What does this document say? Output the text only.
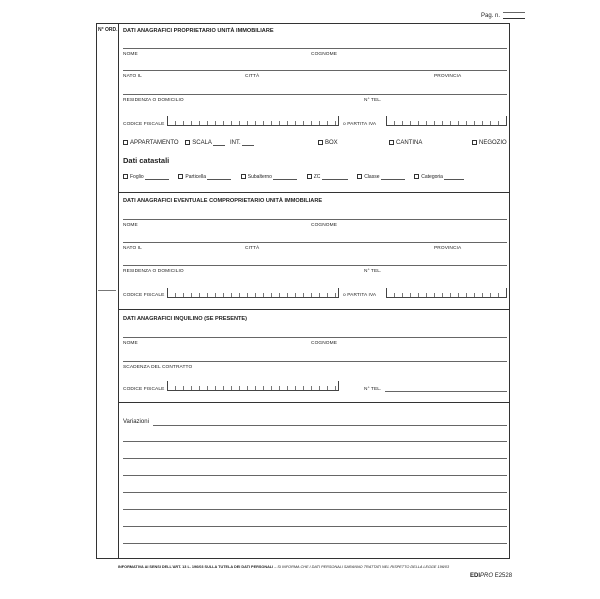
Pag. n.
N° ORD. DATI ANAGRAFICI PROPRIETARIO UNITÀ IMMOBILIARE
NOME	COGNOME
NATO IL	CITTÀ	PROVINCIA
RESIDENZA O DOMICILIO	N° TEL.
CODICE FISCALE	o PARTITA IVA
APPARTAMENTO SCALA	INT.	BOX	CANTINA	NEGOZIO
Dati catastali
Foglio	Particella	Subalterno	ZC	Classe	Categoria
DATI ANAGRAFICI EVENTUALE COMPROPRIETARIO UNITÀ IMMOBILIARE
NOME	COGNOME
NATO IL	CITTÀ	PROVINCIA
RESIDENZA O DOMICILIO	N° TEL.
CODICE FISCALE	o PARTITA IVA
DATI ANAGRAFICI INQUILINO (SE PRESENTE)
NOME	COGNOME
SCADENZA DEL CONTRATTO
CODICE FISCALE	N° TEL.
Variazioni
INFORMATIVA AI SENSI DELL'ART. 13 L. 196/03 SULLA TUTELA DEI DATI PERSONALI – SI INFORMA CHE I DATI PERSONALI SARANNO TRATTATI NEL RISPETTO DELLA LEGGE 196/03
EDIPRO E2528
